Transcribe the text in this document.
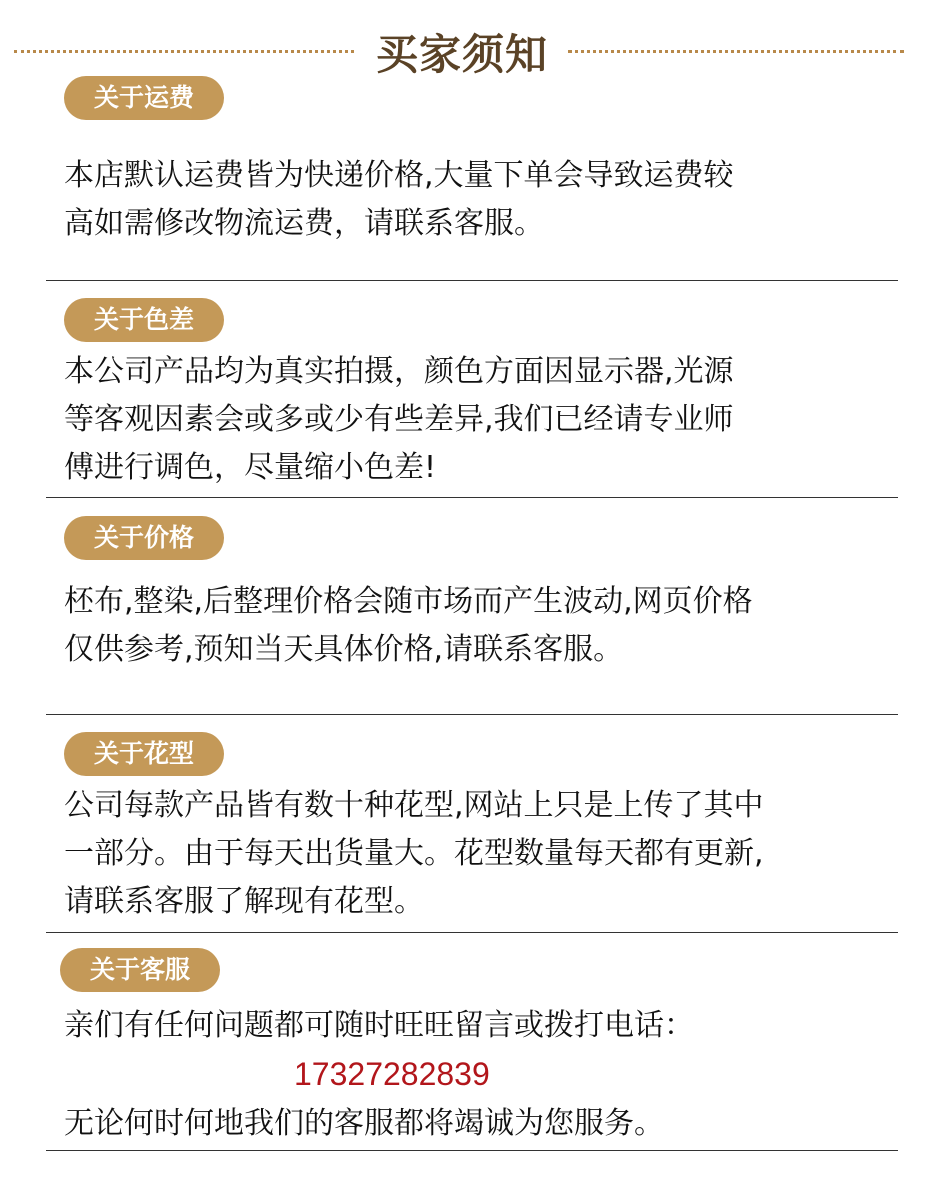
买家须知
关于运费
本店默认运费皆为快递价格,大量下单会导致运费较
高如需修改物流运费，请联系客服。
关于色差
本公司产品均为真实拍摄，颜色方面因显示器,光源
等客观因素会或多或少有些差异,我们已经请专业师
傅进行调色，尽量缩小色差!
关于价格
柸布,整染,后整理价格会随市场而产生波动,网页价格
仅供参考,预知当天具体价格,请联系客服。
关于花型
公司每款产品皆有数十种花型,网站上只是上传了其中
一部分。由于每天出货量大。花型数量每天都有更新,
请联系客服了解现有花型。
关于客服
亲们有任何问题都可随时旺旺留言或拨打电话：
17327282839
无论何时何地我们的客服都将竭诚为您服务。
